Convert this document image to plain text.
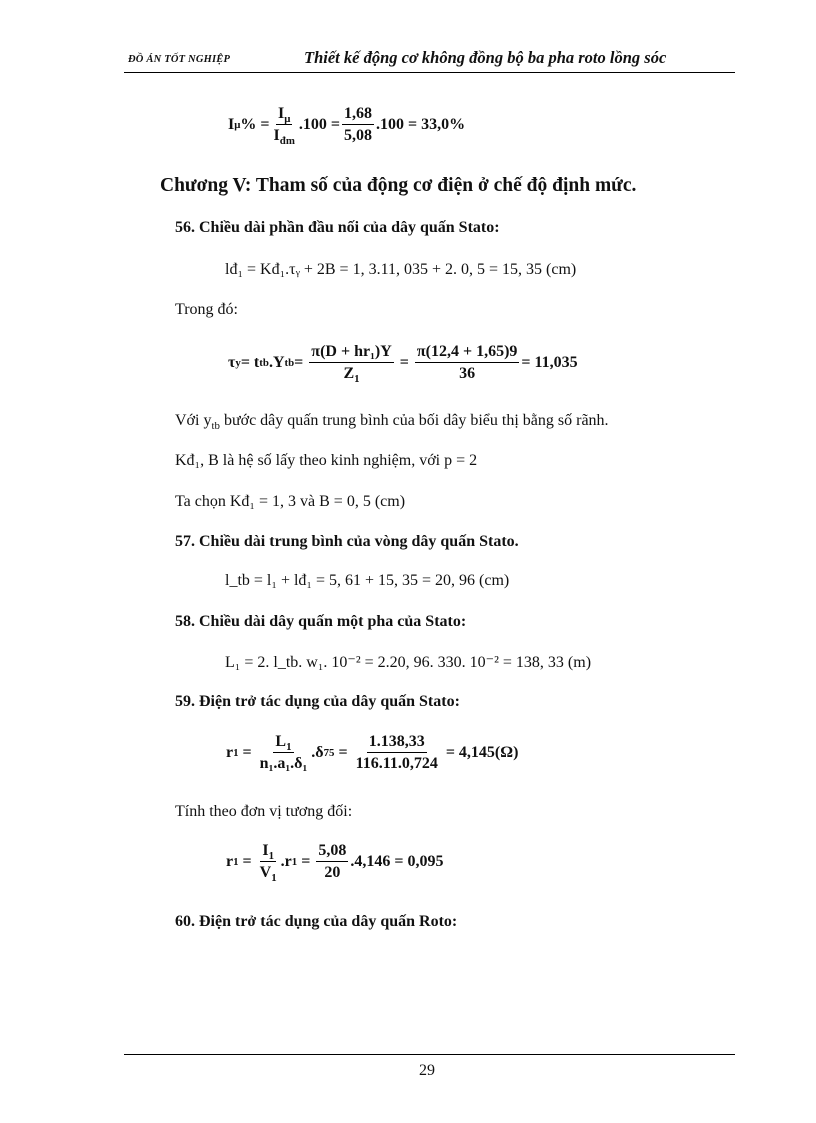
ĐỒ ÁN TỐT NGHIỆP	Thiết kế động cơ không đồng bộ ba pha roto lồng sóc
I μ % = $\frac{I_\mu}{I_{đm}} .100 = \frac{1,68}{5,08} .100 = 33,0\%$
Chương V: Tham số của động cơ điện ở chế độ định mức.
56. Chiều dài phần đầu nối của dây quấn Stato:
lđ₁ = Kđ₁.τᵧ + 2B = 1, 3.11, 035 + 2. 0, 5 = 15, 35 (cm)
Trong đó:
τ y = t tb .Y tb = $\frac{\text{π(D + hr₁)Y}}{Z_1} = \frac{\pi(12,4 + 1,65)9}{36} = 11,035$
Với $y_{tb}$ bước dây quấn trung bình của bối dây biểu thị bằng số rãnh.
Kđ₁, B là hệ số lấy theo kinh nghiệm, với p = 2
Ta chọn Kđ₁ = 1, 3 và B = 0, 5 (cm)
57. Chiều dài trung bình của vòng dây quấn Stato.
l_tb = l₁ + lđ₁ = 5, 61 + 15, 35 = 20, 96 (cm)
58. Chiều dài dây quấn một pha của Stato:
L₁ = 2. l_tb. w₁. 10⁻² = 2.20, 96. 330. 10⁻² = 138, 33 (m)
59. Điện trở tác dụng của dây quấn Stato:
r $1 = \frac{L_1}{\text{n₁.a₁.δ₁}} .\delta$ $75 = \frac{1.138,33}{116.11.0,724} = 4,145(\Omega)$
Tính theo đơn vị tương đối:
r $1 = \frac{I_1}{V_1} .r$ $1 = \frac{5,08}{20} .4,146 = 0,095$
60. Điện trở tác dụng của dây quấn Roto:
29
